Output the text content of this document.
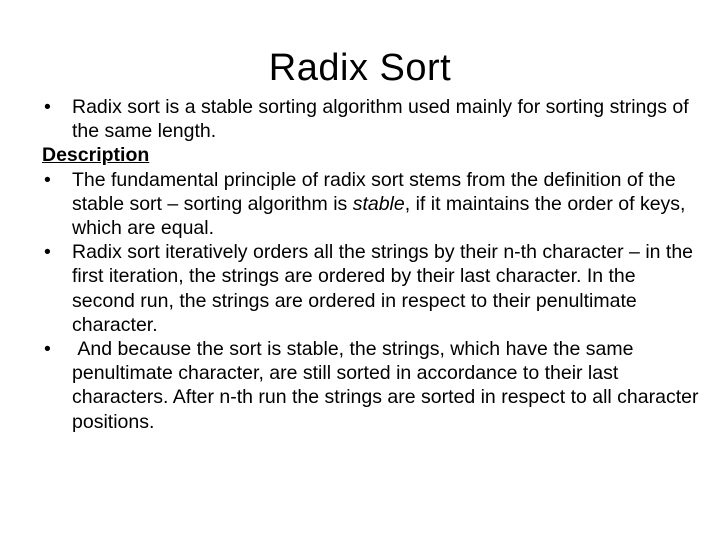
Radix Sort

• Radix sort is a stable sorting algorithm used mainly for sorting strings of the same length.

Description

• The fundamental principle of radix sort stems from the definition of the stable sort – sorting algorithm is stable, if it maintains the order of keys, which are equal.

• Radix sort iteratively orders all the strings by their n-th character – in the first iteration, the strings are ordered by their last character. In the second run, the strings are ordered in respect to their penultimate character.

• And because the sort is stable, the strings, which have the same penultimate character, are still sorted in accordance to their last characters. After n-th run the strings are sorted in respect to all character positions.
